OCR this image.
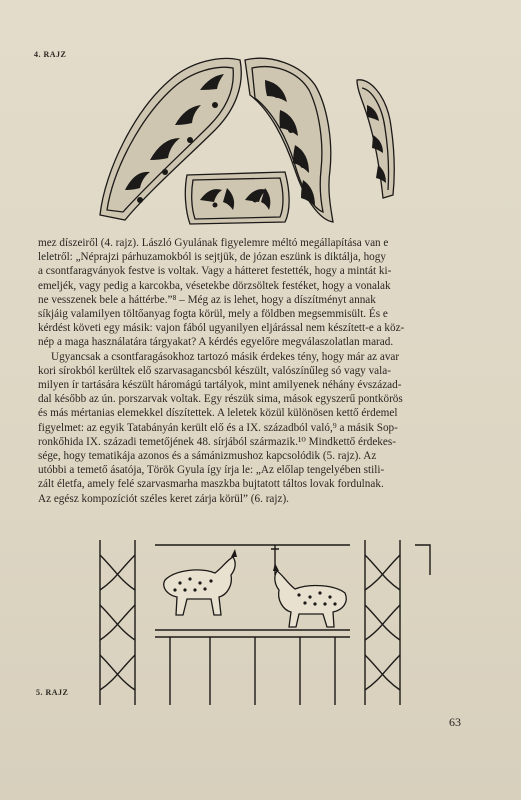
4. RAJZ

mez díszeiről (4. rajz). László Gyulának figyelemre méltó megállapítása van e
leletről: „Néprajzi párhuzamokból is sejtjük, de józan eszünk is diktálja, hogy
a csontfaragványok festve is voltak. Vagy a hátteret festették, hogy a mintát ki-
emeljék, vagy pedig a karcokba, vésetekbe dörzsöltek festéket, hogy a vonalak
ne vesszenek bele a háttérbe.”⁸ – Még az is lehet, hogy a díszítményt annak
síkjáig valamilyen töltőanyag fogta körül, mely a földben megsemmisült. És e
kérdést követi egy másik: vajon fából ugyanilyen eljárással nem készített-e a köz-
nép a maga használatára tárgyakat? A kérdés egyelőre megválaszolatlan marad.

Ugyancsak a csontfaragásokhoz tartozó másik érdekes tény, hogy már az avar
kori sírokból kerültek elő szarvasagancsból készült, valószínűleg só vagy vala-
milyen ír tartására készült háromágú tartályok, mint amilyenek néhány évszázad-
dal később az ún. porszarvak voltak. Egy részük sima, mások egyszerű pontkörös
és más mértanias elemekkel díszítettek. A leletek közül különösen kettő érdemel
figyelmet: az egyik Tatabányán került elő és a IX. századból való,⁹ a másik Sop-
ronkőhida IX. századi temetőjének 48. sírjából származik.¹⁰ Mindkettő érdekes-
sége, hogy tematikája azonos és a sámánizmushoz kapcsolódik (5. rajz). Az
utóbbi a temető ásatója, Török Gyula így írja le: „Az előlap tengelyében stili-
zált életfa, amely felé szarvasmarha maszkba bujtatott táltos lovak fordulnak.
Az egész kompozíciót széles keret zárja körül” (6. rajz).

5. RAJZ
63
